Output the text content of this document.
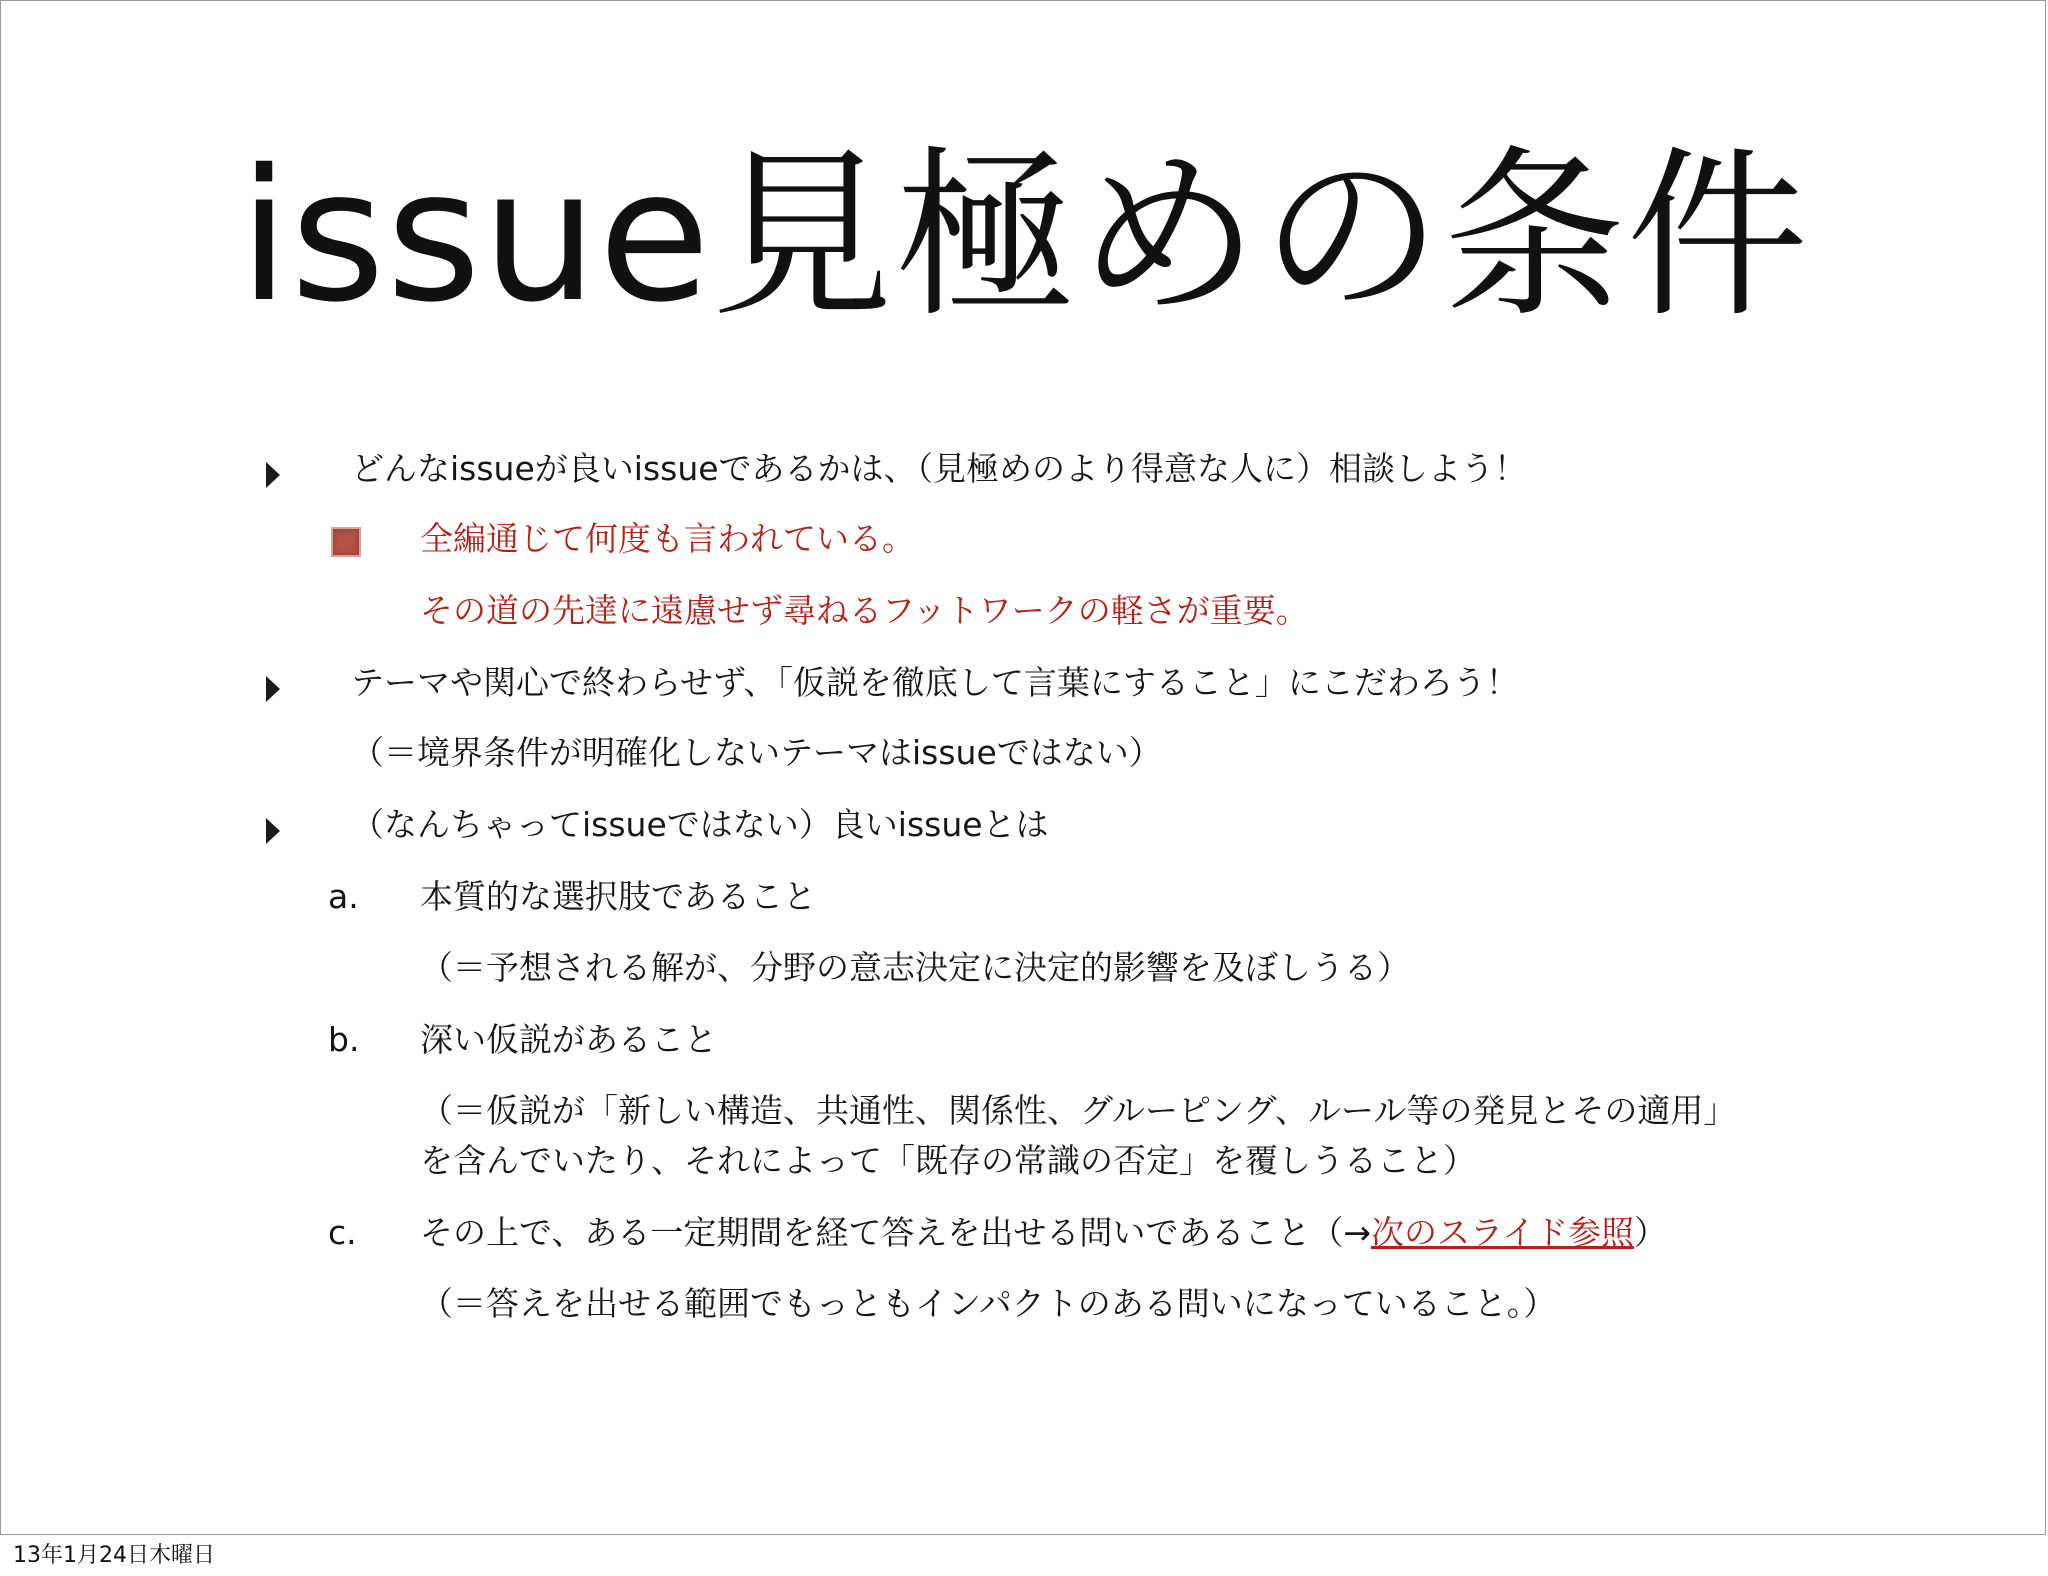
issue見極めの条件
どんなissueが良いissueであるかは、（見極めのより得意な人に）相談しよう！
全編通じて何度も言われている。
その道の先達に遠慮せず尋ねるフットワークの軽さが重要。
テーマや関心で終わらせず、「仮説を徹底して言葉にすること」にこだわろう！
（＝境界条件が明確化しないテーマはissueではない）
（なんちゃってissueではない）良いissueとは
a. 本質的な選択肢であること
（＝予想される解が、分野の意志決定に決定的影響を及ぼしうる）
b. 深い仮説があること
（＝仮説が「新しい構造、共通性、関係性、グルーピング、ルール等の発見とその適用」
を含んでいたり、それによって「既存の常識の否定」を覆しうること）
c. その上で、ある一定期間を経て答えを出せる問いであること（→次のスライド参照）
（＝答えを出せる範囲でもっともインパクトのある問いになっていること。）
13年1月24日木曜日
